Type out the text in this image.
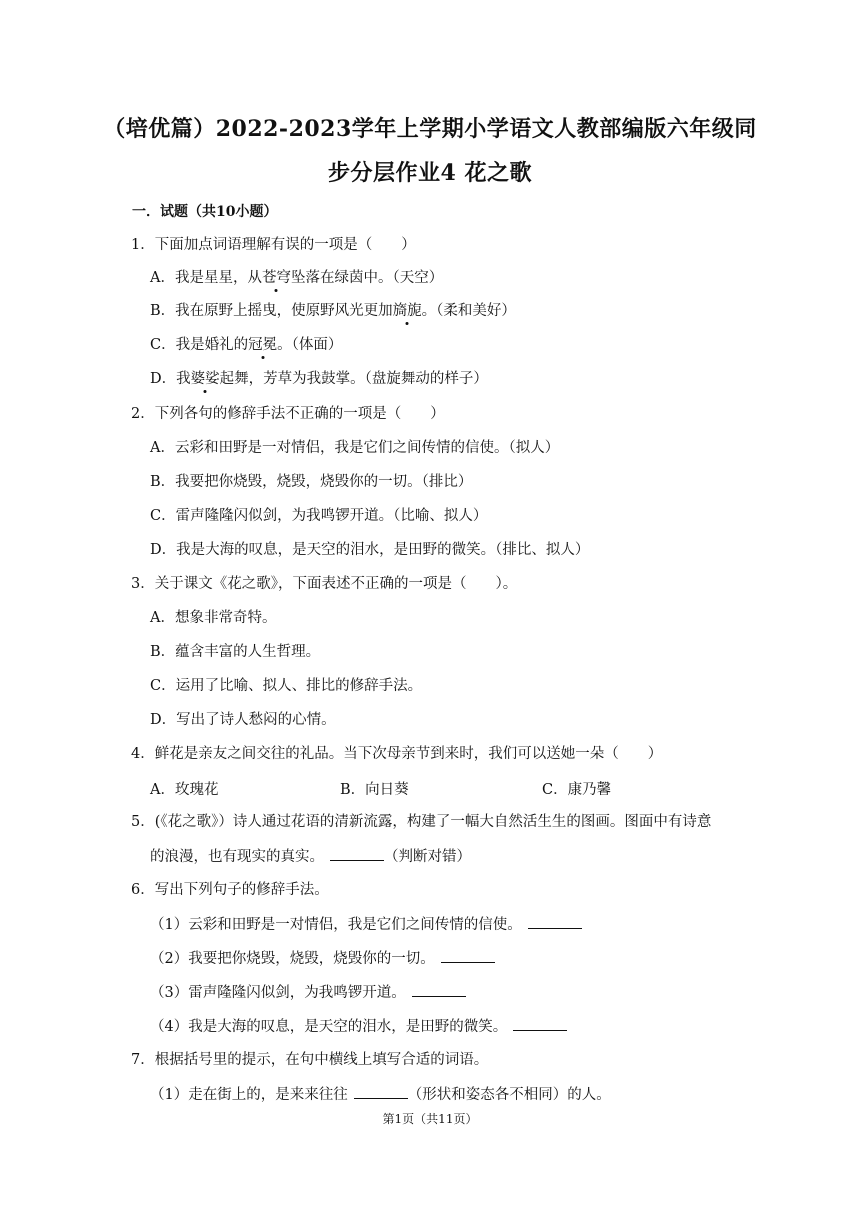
（培优篇）2022-2023学年上学期小学语文人教部编版六年级同
步分层作业4 花之歌
一．试题（共10小题）
1．下面加点词语理解有误的一项是（　　）
A．我是星星，从苍穹坠落在绿茵中。（天空）
B．我在原野上摇曳，使原野风光更加旖旎。（柔和美好）
C．我是婚礼的冠冕。（体面）
D．我婆娑起舞，芳草为我鼓掌。（盘旋舞动的样子）
2．下列各句的修辞手法不正确的一项是（　　）
A．云彩和田野是一对情侣，我是它们之间传情的信使。（拟人）
B．我要把你烧毁，烧毁，烧毁你的一切。（排比）
C．雷声隆隆闪似剑，为我鸣锣开道。（比喻、拟人）
D．我是大海的叹息，是天空的泪水，是田野的微笑。（排比、拟人）
3．关于课文《花之歌》，下面表述不正确的一项是（　　）。
A．想象非常奇特。
B．蕴含丰富的人生哲理。
C．运用了比喻、拟人、排比的修辞手法。
D．写出了诗人愁闷的心情。
4．鲜花是亲友之间交往的礼品。当下次母亲节到来时，我们可以送她一朵（　　）
A．玫瑰花	B．向日葵	C．康乃馨
5．(《花之歌》）诗人通过花语的清新流露，构建了一幅大自然活生生的图画。图面中有诗意
的浪漫，也有现实的真实。	（判断对错）
6．写出下列句子的修辞手法。
（1）云彩和田野是一对情侣，我是它们之间传情的信使。
（2）我要把你烧毁，烧毁，烧毁你的一切。
（3）雷声隆隆闪似剑，为我鸣锣开道。
（4）我是大海的叹息，是天空的泪水，是田野的微笑。
7．根据括号里的提示，在句中横线上填写合适的词语。
（1）走在街上的，是来来往往	（形状和姿态各不相同）的人。
第1页（共11页）
